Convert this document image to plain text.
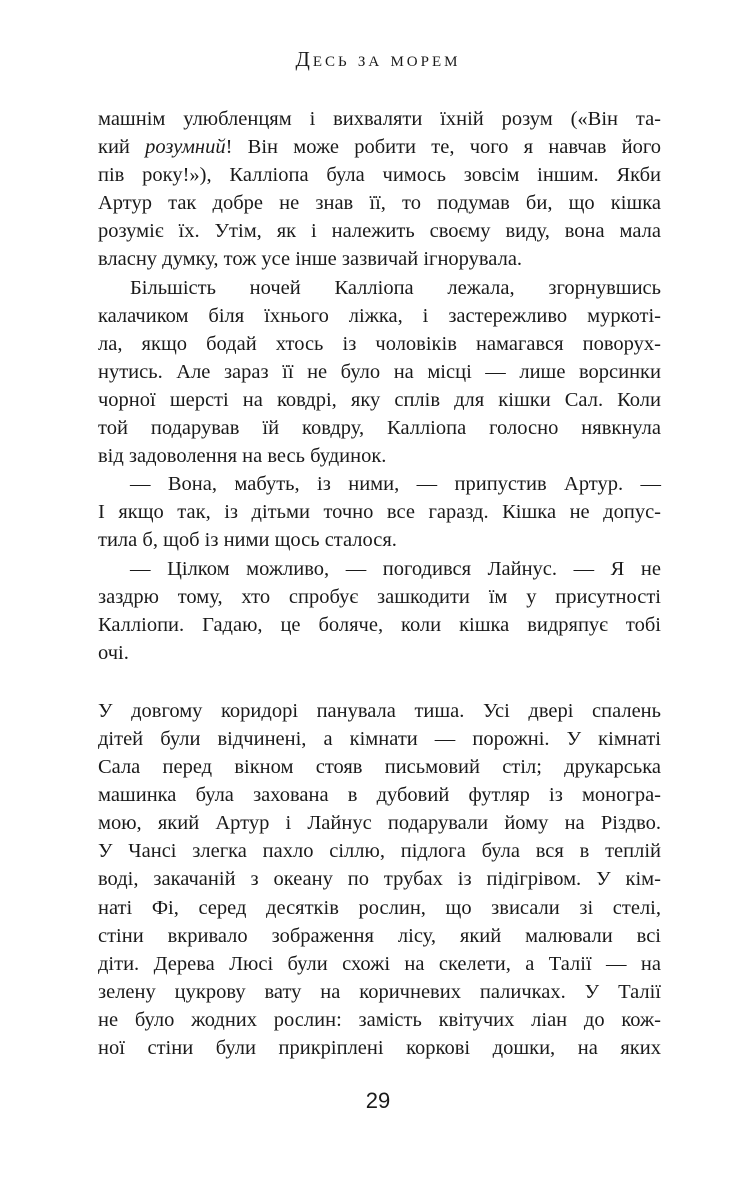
Десь за морем
машнім улюбленцям і вихваляти їхній розум («Він та-
кий розумний! Він може робити те, чого я навчав його
пів року!»), Калліопа була чимось зовсім іншим. Якби
Артур так добре не знав її, то подумав би, що кішка
розуміє їх. Утім, як і належить своєму виду, вона мала
власну думку, тож усе інше зазвичай ігнорувала.
Більшість ночей Калліопа лежала, згорнувшись
калачиком біля їхнього ліжка, і застережливо муркоті-
ла, якщо бодай хтось із чоловіків намагався поворух-
нутись. Але зараз її не було на місці — лише ворсинки
чорної шерсті на ковдрі, яку сплів для кішки Сал. Коли
той подарував їй ковдру, Калліопа голосно нявкнула
від задоволення на весь будинок.
— Вона, мабуть, із ними, — припустив Артур. —
І якщо так, із дітьми точно все гаразд. Кішка не допус-
тила б, щоб із ними щось сталося.
— Цілком можливо, — погодився Лайнус. — Я не
заздрю тому, хто спробує зашкодити їм у присутності
Калліопи. Гадаю, це боляче, коли кішка видряпує тобі
очі.
У довгому коридорі панувала тиша. Усі двері спалень
дітей були відчинені, а кімнати — порожні. У кімнаті
Сала перед вікном стояв письмовий стіл; друкарська
машинка була захована в дубовий футляр із моногра-
мою, який Артур і Лайнус подарували йому на Різдво.
У Чансі злегка пахло сіллю, підлога була вся в теплій
воді, закачаній з океану по трубах із підігрівом. У кім-
наті Фі, серед десятків рослин, що звисали зі стелі,
стіни вкривало зображення лісу, який малювали всі
діти. Дерева Люсі були схожі на скелети, а Талії — на
зелену цукрову вату на коричневих паличках. У Талії
не було жодних рослин: замість квітучих ліан до кож-
ної стіни були прикріплені коркові дошки, на яких
29
